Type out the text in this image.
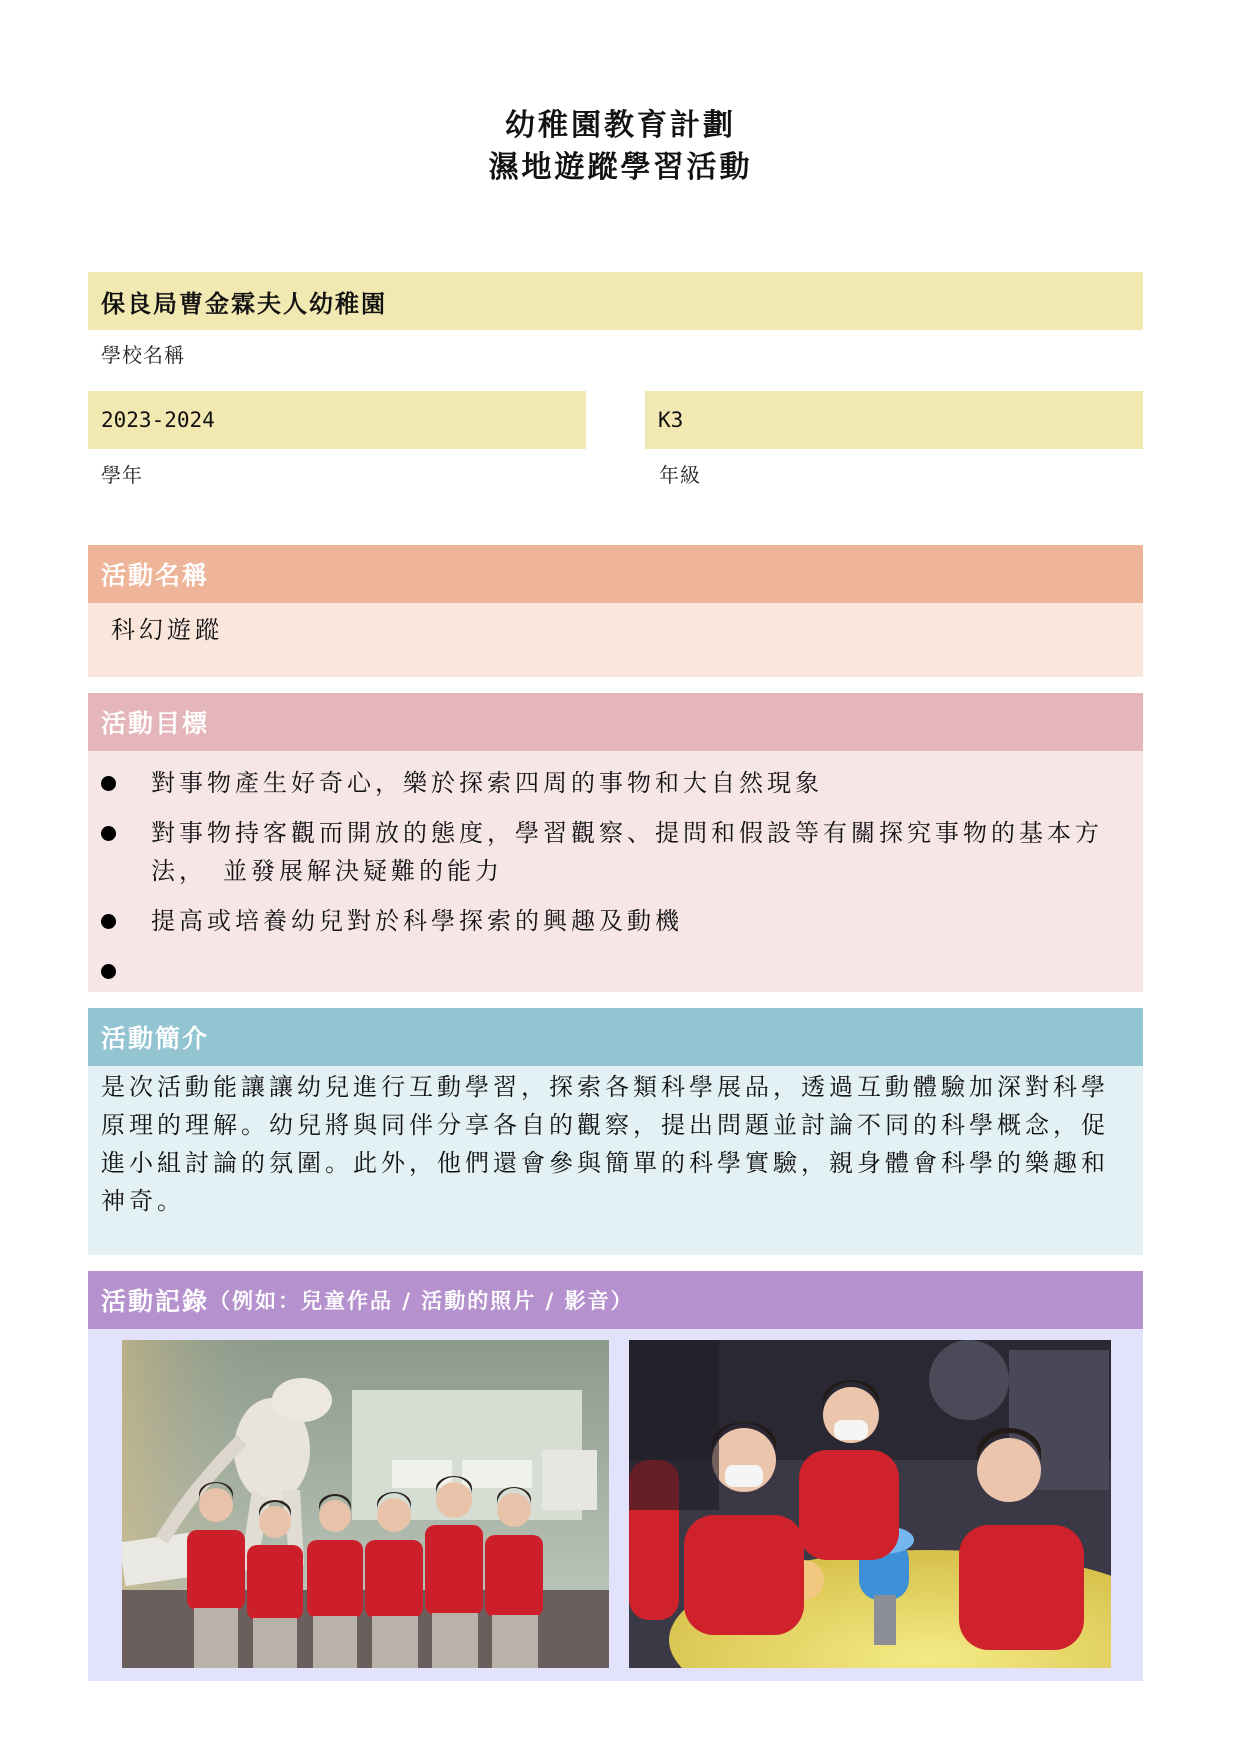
幼稚園教育計劃
濕地遊蹤學習活動
保良局曹金霖夫人幼稚園
學校名稱
2023-2024
學年
K3
年級
活動名稱
科幻遊蹤
活動目標
對事物產生好奇心，樂於探索四周的事物和大自然現象
對事物持客觀而開放的態度，學習觀察、提問和假設等有關探究事物的基本方法，　並發展解決疑難的能力
提高或培養幼兒對於科學探索的興趣及動機
活動簡介
是次活動能讓讓幼兒進行互動學習，探索各類科學展品，透過互動體驗加深對科學原理的理解。幼兒將與同伴分享各自的觀察，提出問題並討論不同的科學概念，促進小組討論的氛圍。此外，他們還會參與簡單的科學實驗，親身體會科學的樂趣和神奇。
活動記錄 （例如：兒童作品 / 活動的照片 / 影音）
